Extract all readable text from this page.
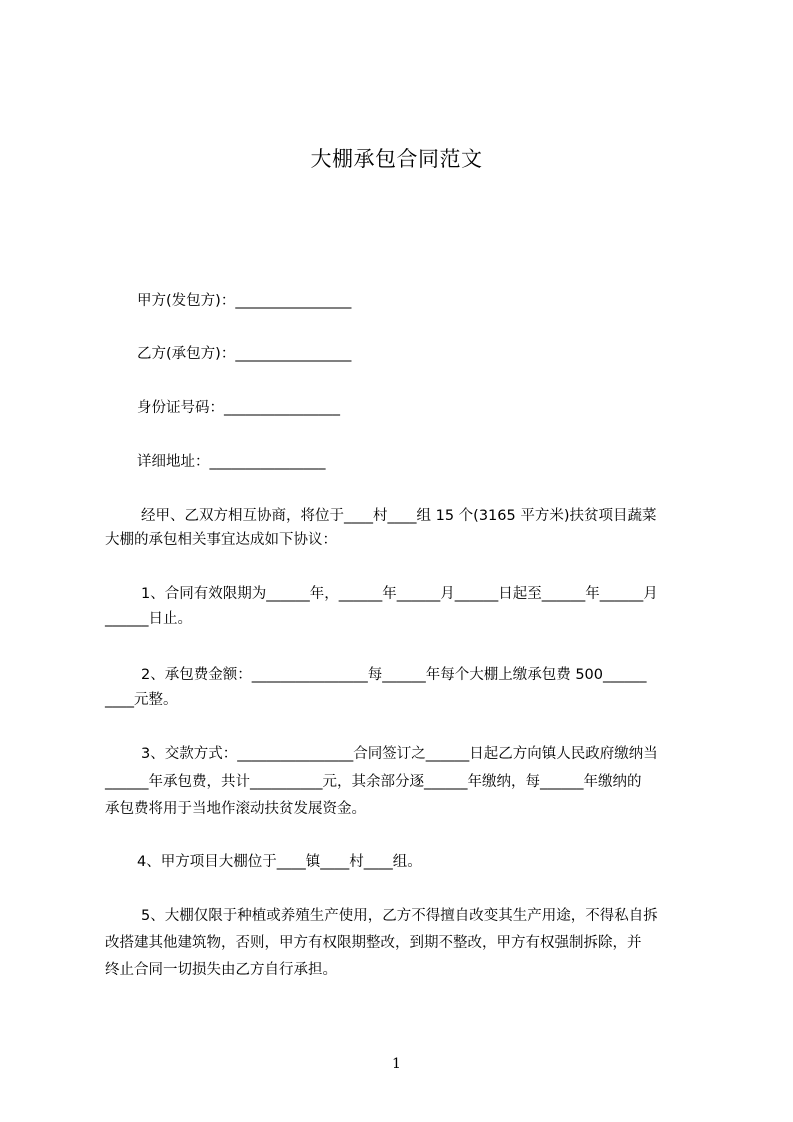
大棚承包合同范文
甲方(发包方)：________________
乙方(承包方)：________________
身份证号码：________________
详细地址：________________
经甲、乙双方相互协商，将位于____村____组 15 个(3165 平方米)扶贫项目蔬菜
大棚的承包相关事宜达成如下协议：
1、合同有效限期为______年，______年______月______日起至______年______月
______日止。
2、承包费金额：________________每______年每个大棚上缴承包费 500______
____元整。
3、交款方式：________________合同签订之______日起乙方向镇人民政府缴纳当
______年承包费，共计__________元，其余部分逐______年缴纳，每______年缴纳的
承包费将用于当地作滚动扶贫发展资金。
4、甲方项目大棚位于____镇____村____组。
5、大棚仅限于种植或养殖生产使用，乙方不得擅自改变其生产用途，不得私自拆
改搭建其他建筑物，否则，甲方有权限期整改，到期不整改，甲方有权强制拆除，并
终止合同一切损失由乙方自行承担。
1
